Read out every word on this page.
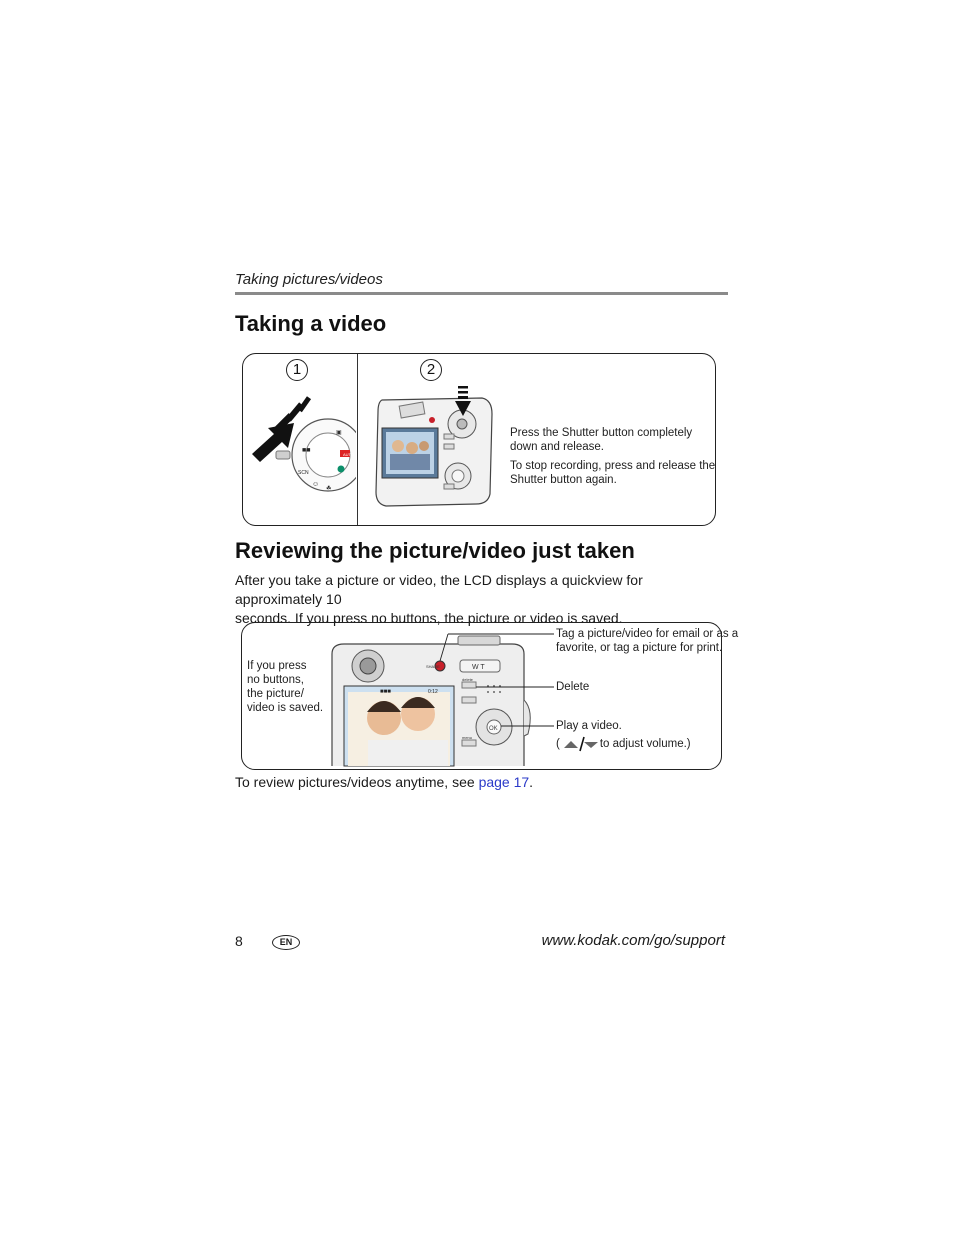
Taking pictures/videos
Taking a video
1	2
AUTO
■■
SCN
☺
☘
▣	Press the Shutter button completely
down and release.
To stop recording, press and release the
Shutter button again.
Reviewing the picture/video just taken
After you take a picture or video, the LCD displays a quickview for approximately 10
seconds. If you press no buttons, the picture or video is saved.
If you press
no buttons,
the picture/
video is saved.
■■■	0:12
SHARE	W T
delete
menu
OK
Tag a picture/video for email or as a
favorite, or tag a picture for print.
Delete
Play a video.
(	to adjust volume.)
To review pictures/videos anytime, see page 17.
8	EN	www.kodak.com/go/support
